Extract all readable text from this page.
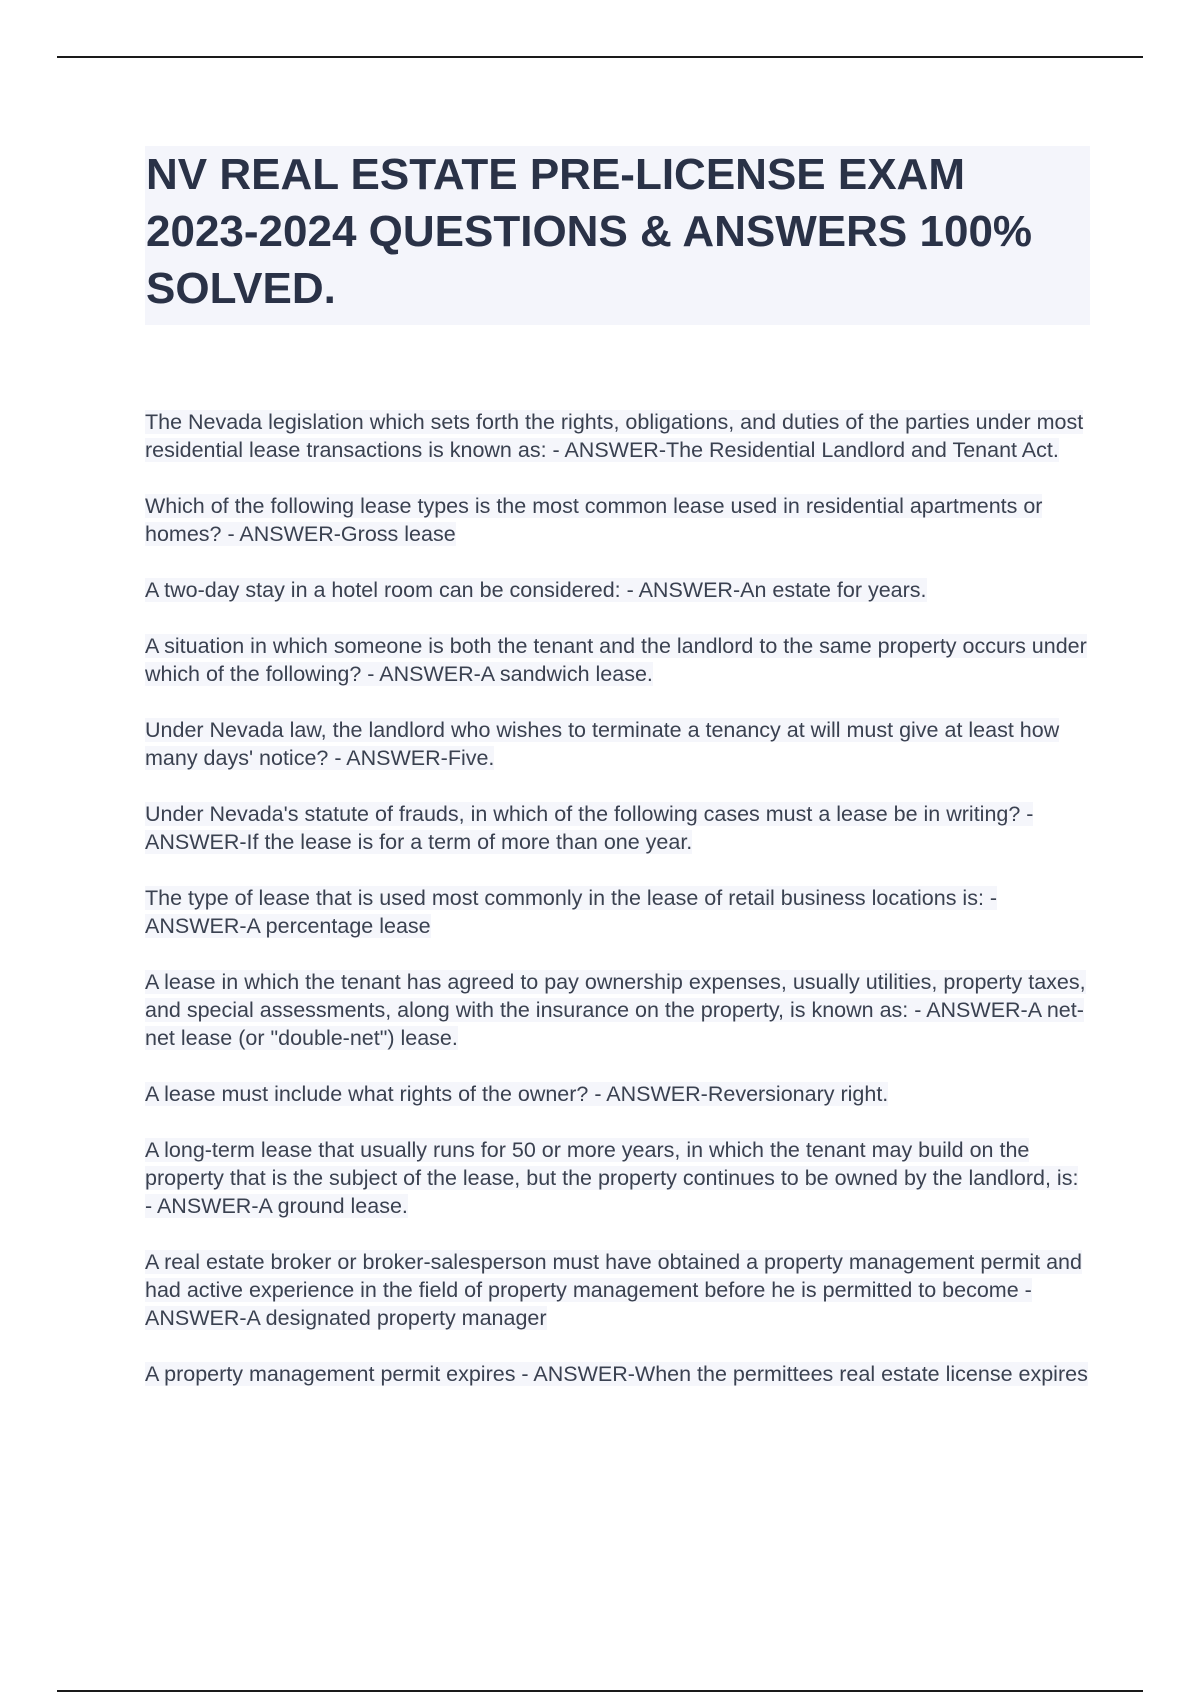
NV REAL ESTATE PRE-LICENSE EXAM 2023-2024 QUESTIONS & ANSWERS 100% SOLVED.

The Nevada legislation which sets forth the rights, obligations, and duties of the parties under most residential lease transactions is known as: - ANSWER-The Residential Landlord and Tenant Act.

Which of the following lease types is the most common lease used in residential apartments or homes? - ANSWER-Gross lease

A two-day stay in a hotel room can be considered: - ANSWER-An estate for years.

A situation in which someone is both the tenant and the landlord to the same property occurs under which of the following? - ANSWER-A sandwich lease.

Under Nevada law, the landlord who wishes to terminate a tenancy at will must give at least how many days' notice? - ANSWER-Five.

Under Nevada's statute of frauds, in which of the following cases must a lease be in writing? - ANSWER-If the lease is for a term of more than one year.

The type of lease that is used most commonly in the lease of retail business locations is: - ANSWER-A percentage lease

A lease in which the tenant has agreed to pay ownership expenses, usually utilities, property taxes, and special assessments, along with the insurance on the property, is known as: - ANSWER-A net-net lease (or "double-net") lease.

A lease must include what rights of the owner? - ANSWER-Reversionary right.

A long-term lease that usually runs for 50 or more years, in which the tenant may build on the property that is the subject of the lease, but the property continues to be owned by the landlord, is: - ANSWER-A ground lease.

A real estate broker or broker-salesperson must have obtained a property management permit and had active experience in the field of property management before he is permitted to become - ANSWER-A designated property manager

A property management permit expires - ANSWER-When the permittees real estate license expires
